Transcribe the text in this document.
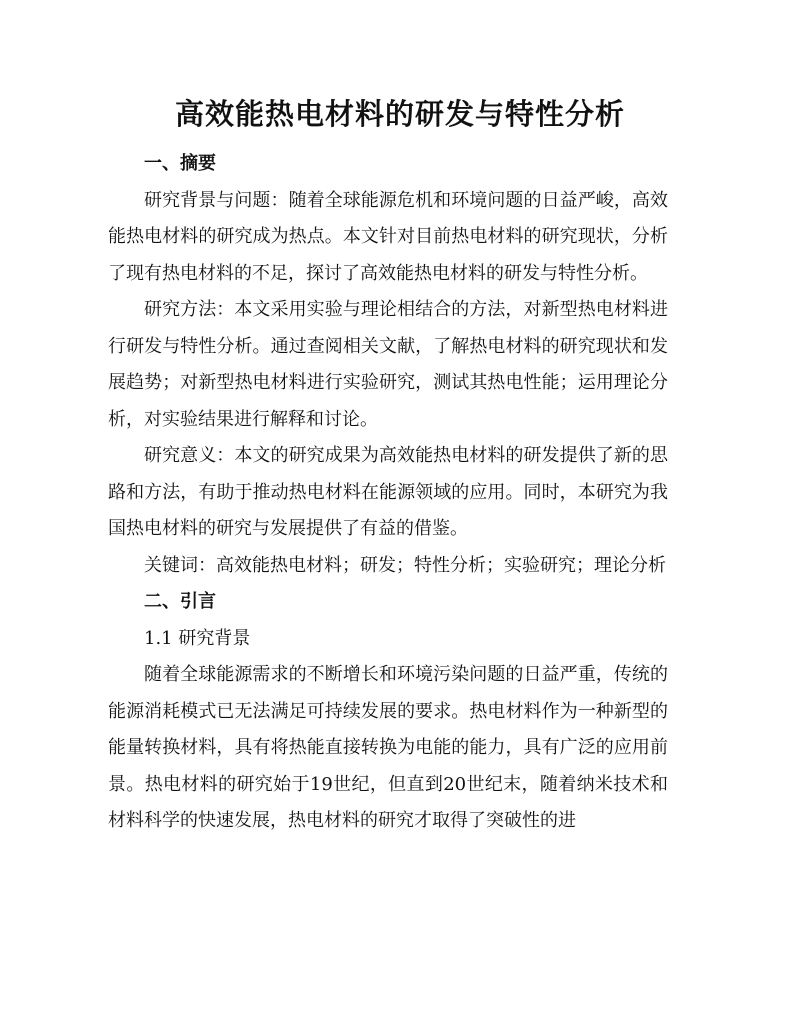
高效能热电材料的研发与特性分析

一、摘要

研究背景与问题：随着全球能源危机和环境问题的日益严峻，高效能热电材料的研究成为热点。本文针对目前热电材料的研究现状，分析了现有热电材料的不足，探讨了高效能热电材料的研发与特性分析。

研究方法：本文采用实验与理论相结合的方法，对新型热电材料进行研发与特性分析。通过查阅相关文献，了解热电材料的研究现状和发展趋势；对新型热电材料进行实验研究，测试其热电性能；运用理论分析，对实验结果进行解释和讨论。

研究意义：本文的研究成果为高效能热电材料的研发提供了新的思路和方法，有助于推动热电材料在能源领域的应用。同时，本研究为我国热电材料的研究与发展提供了有益的借鉴。

关键词：高效能热电材料；研发；特性分析；实验研究；理论分析

二、引言

1.1 研究背景

随着全球能源需求的不断增长和环境污染问题的日益严重，传统的能源消耗模式已无法满足可持续发展的要求。热电材料作为一种新型的能量转换材料，具有将热能直接转换为电能的能力，具有广泛的应用前景。热电材料的研究始于19世纪，但直到20世纪末，随着纳米技术和材料科学的快速发展，热电材料的研究才取得了突破性的进
